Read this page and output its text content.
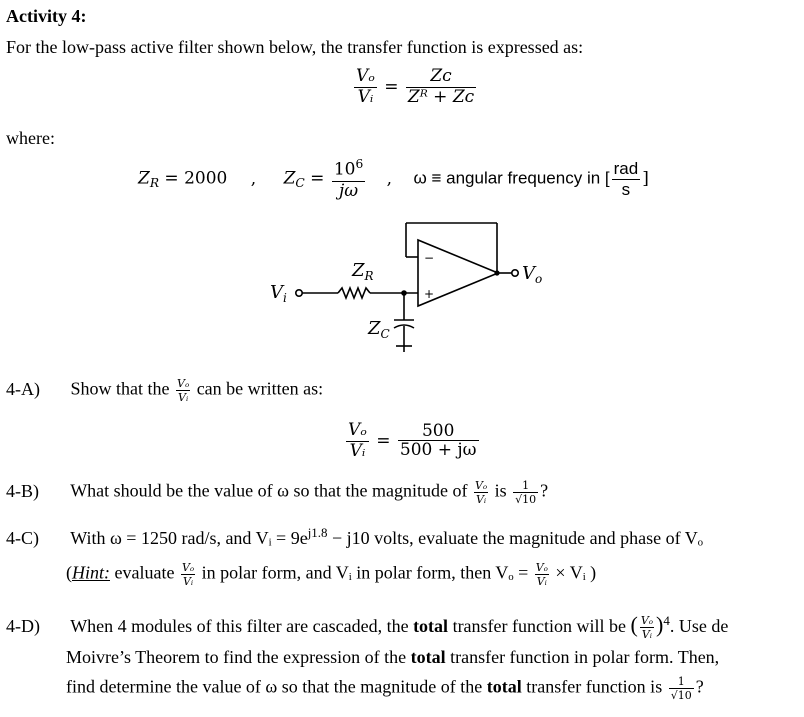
Activity 4:
For the low-pass active filter shown below, the transfer function is expressed as:
$\frac{\text{Vₒ}}{\text{Vᵢ}} = \frac{\text{Zᴄ}}{\text{Zᴿ + Zᴄ}}$
where:
$Z_R = 2000$ , $Z_C = \frac{10^6}{j\omega}$ , ω ≡ angular frequency in [ $\frac{\text{rad}}{s}$ ]
−
+
$V_i$
$Z_R$
$Z_C$
$V_o$
4-A) Show that the $\frac{\text{Vₒ}}{\text{Vᵢ}}$ can be written as:
$\frac{\text{Vₒ}}{\text{Vᵢ}} = \frac{500}{500 + j\omega}$
4-B) What should be the value of ω so that the magnitude of $\frac{\text{Vₒ}}{\text{Vᵢ}}$ is $\frac{1}{√10}$ ?
4-C) With ω = 1250 rad/s, and Vᵢ = $9e^{j1.8} - j10$ volts, evaluate the magnitude and phase of Vₒ
(Hint: evaluate $\frac{\text{Vₒ}}{\text{Vᵢ}}$ in polar form, and Vᵢ in polar form, then $V_o = \frac{\text{Vₒ}}{\text{Vᵢ}}$ × Vᵢ )
4-D) When 4 modules of this filter are cascaded, the total transfer function will be ( $\frac{\text{Vₒ}}{\text{Vᵢ}} )^4$. Use de
Moivre’s Theorem to find the expression of the total transfer function in polar form. Then,
find determine the value of ω so that the magnitude of the total transfer function is $\frac{1}{√10}$ ?
